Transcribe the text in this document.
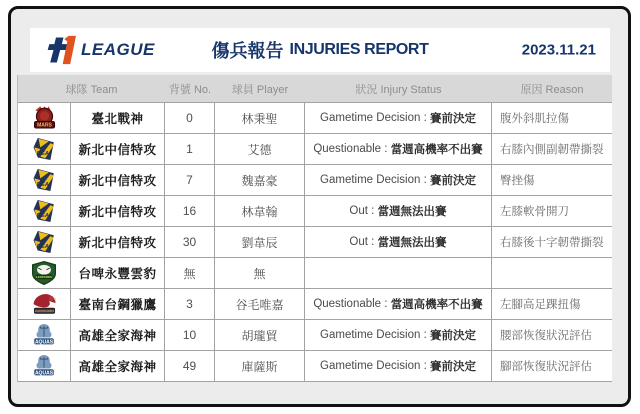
LEAGUE	傷兵報告 INJURIES REPORT	2023.11.21
球隊 Team	背號 No.	球員 Player	狀況 Injury Status	原因 Reason
MARS	臺北戰神	0	林秉聖	Gametime Decision : 賽前決定	腹外斜肌拉傷
DEA	新北中信特攻	1	艾德	Questionable : 當週高機率不出賽	右膝內側副韌帶撕裂
DEA	新北中信特攻	7	魏嘉豪	Gametime Decision : 賽前決定	臀挫傷
DEA	新北中信特攻	16	林韋翰	Out : 當週無法出賽	左膝軟骨開刀
DEA	新北中信特攻	30	劉韋辰	Out : 當週無法出賽	右膝後十字韌帶撕裂
LEOPARDS	台啤永豐雲豹	無	無
GHOSTHAWKS	臺南台鋼獵鷹	3	谷毛唯嘉	Questionable : 當週高機率不出賽	左腳高足踝扭傷
AQUAS	高雄全家海神	10	胡瓏貿	Gametime Decision : 賽前決定	腰部恢復狀況評估
AQUAS	高雄全家海神	49	庫薩斯	Gametime Decision : 賽前決定	腳部恢復狀況評估
